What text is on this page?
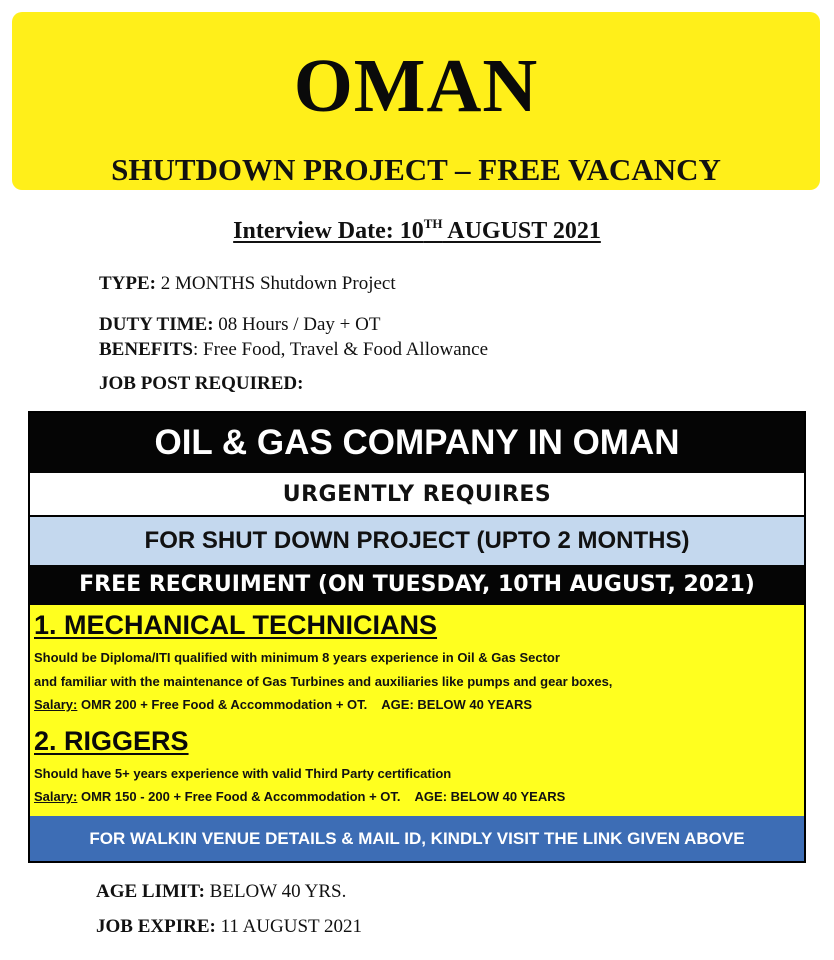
OMAN
SHUTDOWN PROJECT – FREE VACANCY
Interview Date: 10TH AUGUST 2021
TYPE: 2 MONTHS Shutdown Project
DUTY TIME: 08 Hours / Day + OT
BENEFITS: Free Food, Travel & Food Allowance
JOB POST REQUIRED:
OIL & GAS COMPANY IN OMAN
URGENTLY REQUIRES
FOR SHUT DOWN PROJECT (UPTO 2 MONTHS)
FREE RECRUIMENT (ON TUESDAY, 10TH AUGUST, 2021)
1. MECHANICAL TECHNICIANS
Should be Diploma/ITI qualified with minimum 8 years experience in Oil & Gas Sector
and familiar with the maintenance of Gas Turbines and auxiliaries like pumps and gear boxes,
Salary: OMR 200 + Free Food & Accommodation + OT. AGE: BELOW 40 YEARS
2. RIGGERS
Should have 5+ years experience with valid Third Party certification
Salary: OMR 150 - 200 + Free Food & Accommodation + OT. AGE: BELOW 40 YEARS
FOR WALKIN VENUE DETAILS & MAIL ID, KINDLY VISIT THE LINK GIVEN ABOVE
AGE LIMIT: BELOW 40 YRS.
JOB EXPIRE: 11 AUGUST 2021
